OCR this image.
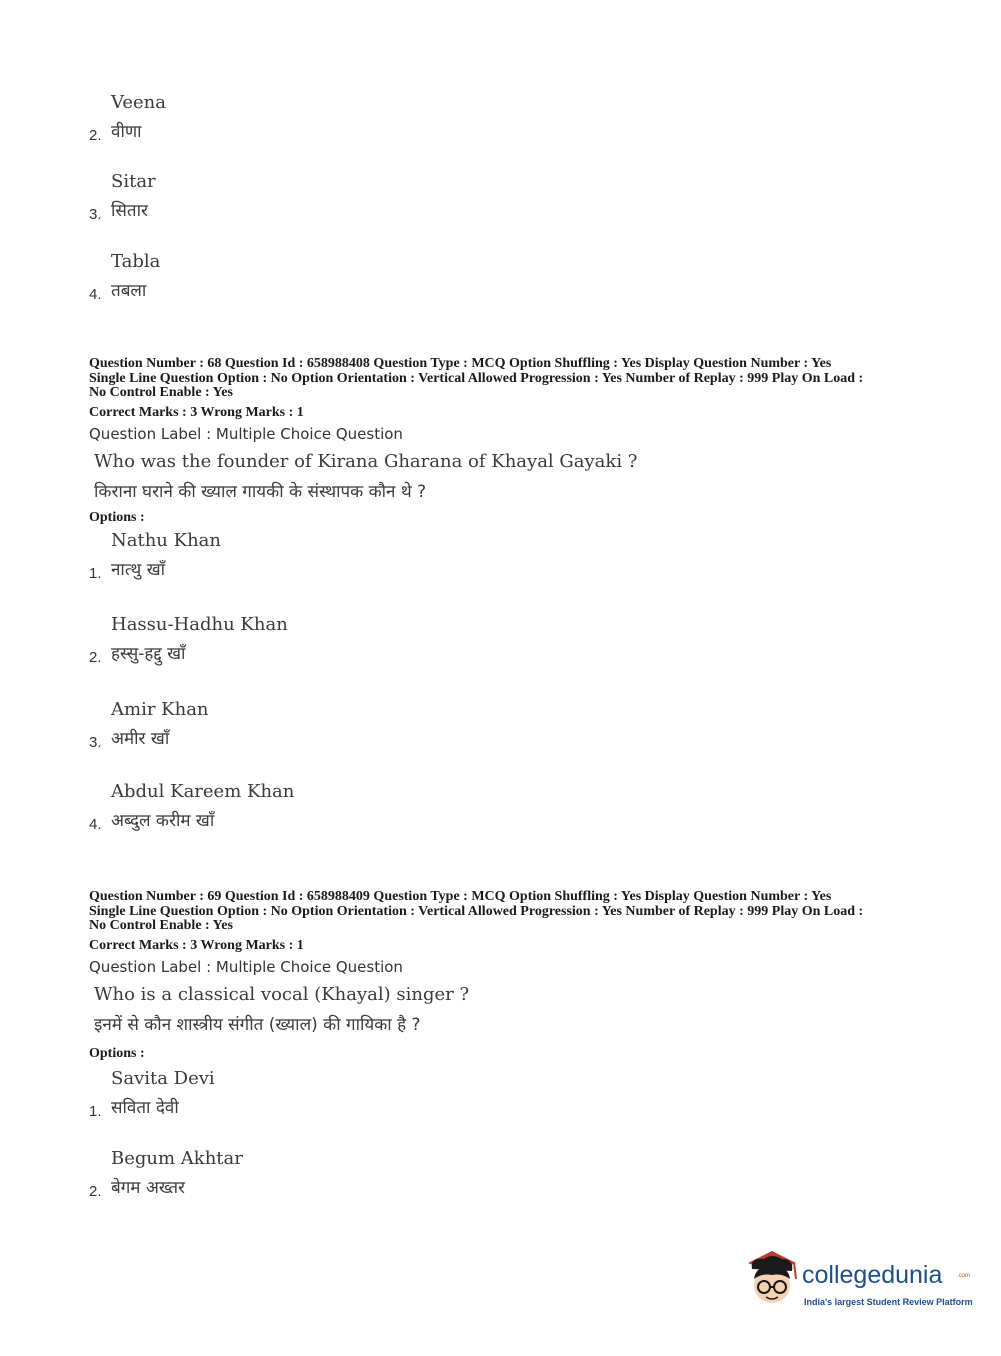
Veena
वीणा
2.
Sitar
सितार
3.
Tabla
तबला
4.
Question Number : 68 Question Id : 658988408 Question Type : MCQ Option Shuffling : Yes Display Question Number : Yes
Single Line Question Option : No Option Orientation : Vertical Allowed Progression : Yes Number of Replay : 999 Play On Load :
No Control Enable : Yes
Correct Marks : 3 Wrong Marks : 1
Question Label : Multiple Choice Question
Who was the founder of Kirana Gharana of Khayal Gayaki ?
किराना घराने की ख्याल गायकी के संस्थापक कौन थे ?
Options :
Nathu Khan
नात्थु खाँ
1.
Hassu-Hadhu Khan
हस्सु-हद्दु खाँ
2.
Amir Khan
अमीर खाँ
3.
Abdul Kareem Khan
अब्दुल करीम खाँ
4.
Question Number : 69 Question Id : 658988409 Question Type : MCQ Option Shuffling : Yes Display Question Number : Yes
Single Line Question Option : No Option Orientation : Vertical Allowed Progression : Yes Number of Replay : 999 Play On Load :
No Control Enable : Yes
Correct Marks : 3 Wrong Marks : 1
Question Label : Multiple Choice Question
Who is a classical vocal (Khayal) singer ?
इनमें से कौन शास्त्रीय संगीत (ख्याल) की गायिका है ?
Options :
Savita Devi
सविता देवी
1.
Begum Akhtar
बेगम अख्तर
2.
collegedunia .com
India's largest Student Review Platform
